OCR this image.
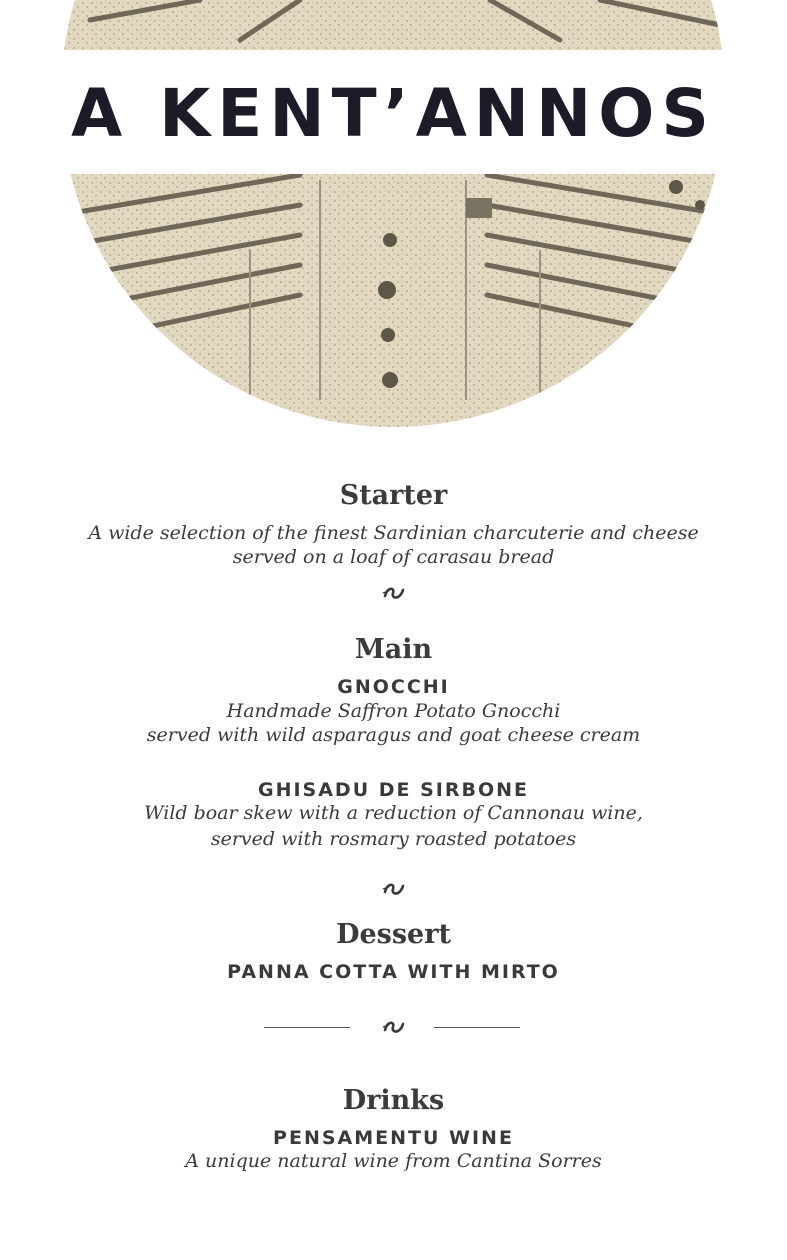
A KENT’ANNOS
Starter
A wide selection of the finest Sardinian charcuterie and cheese
served on a loaf of carasau bread
Main
GNOCCHI
Handmade Saffron Potato Gnocchi
served with wild asparagus and goat cheese cream
GHISADU DE SIRBONE
Wild boar skew with a reduction of Cannonau wine,
served with rosmary roasted potatoes
Dessert
PANNA COTTA WITH MIRTO
Drinks
PENSAMENTU WINE
A unique natural wine from Cantina Sorres
